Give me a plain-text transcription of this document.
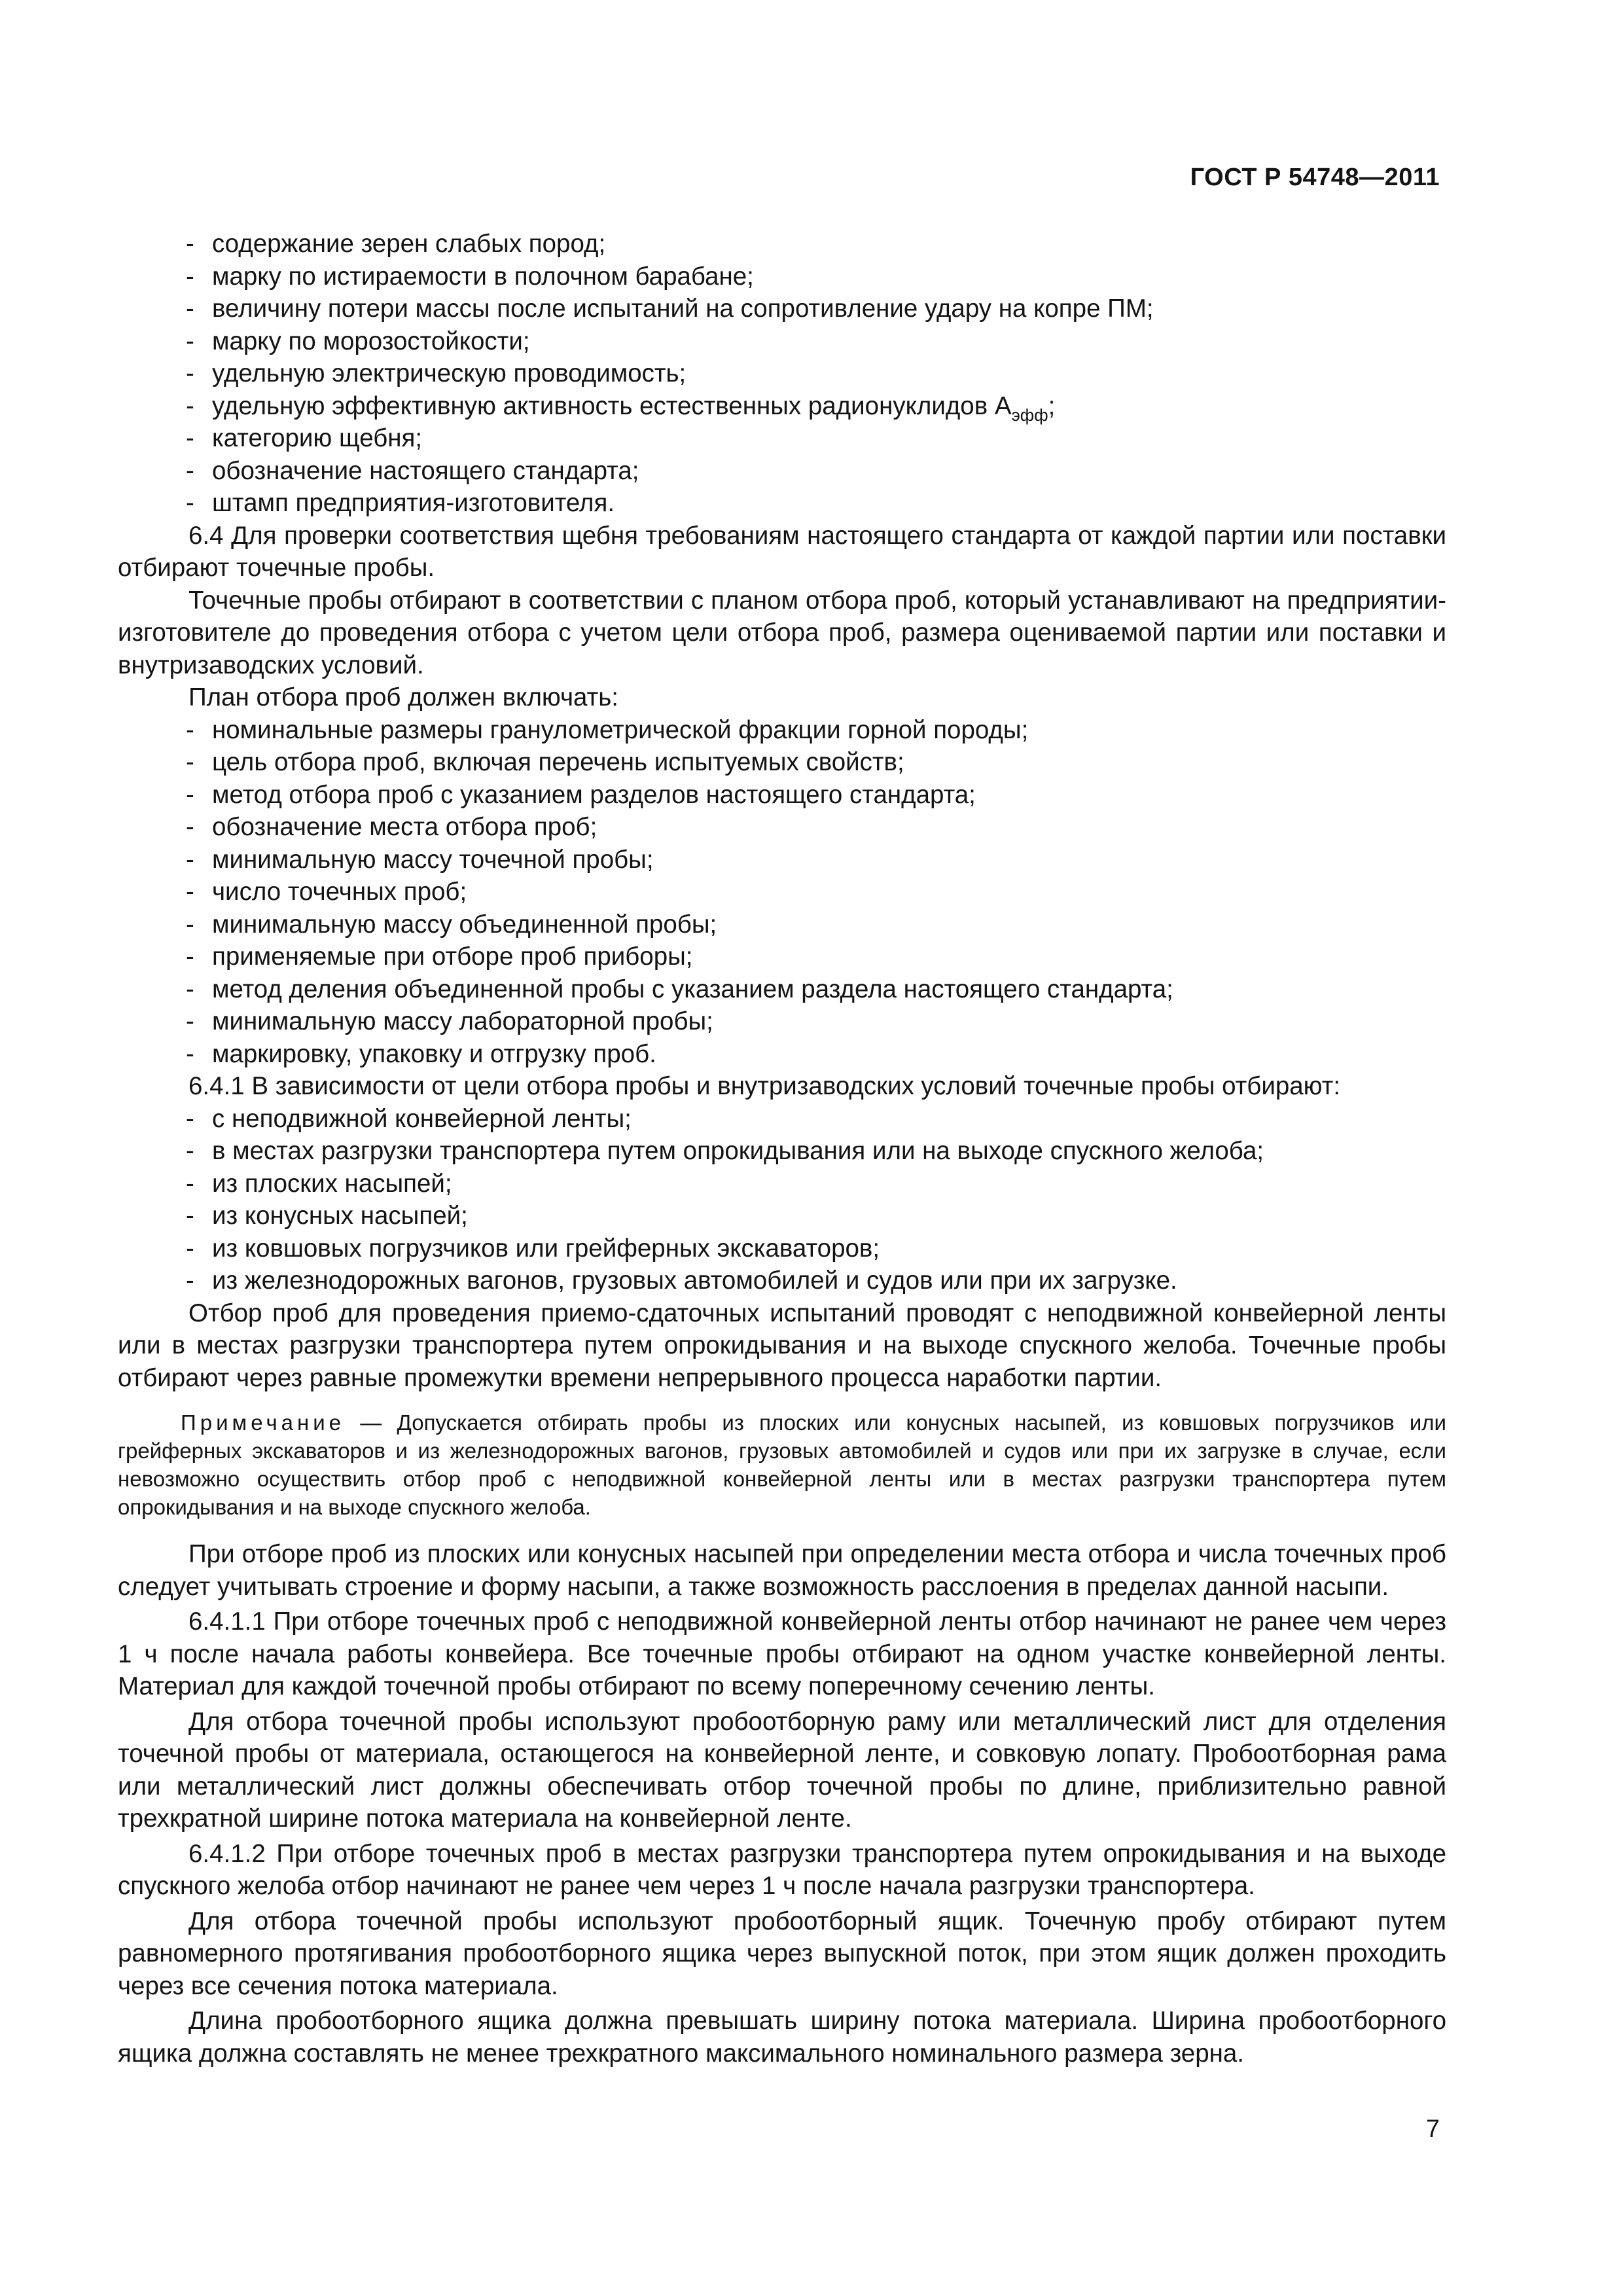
ГОСТ Р 54748—2011
- содержание зерен слабых пород;
- марку по истираемости в полочном барабане;
- величину потери массы после испытаний на сопротивление удару на копре ПМ;
- марку по морозостойкости;
- удельную электрическую проводимость;
- удельную эффективную активность естественных радионуклидов $А_{эфф}$;
- категорию щебня;
- обозначение настоящего стандарта;
- штамп предприятия-изготовителя.

6.4 Для проверки соответствия щебня требованиям настоящего стандарта от каждой партии или поставки отбирают точечные пробы.

Точечные пробы отбирают в соответствии с планом отбора проб, который устанавливают на предприятии-изготовителе до проведения отбора с учетом цели отбора проб, размера оцениваемой партии или поставки и внутризаводских условий.

План отбора проб должен включать:

- номинальные размеры гранулометрической фракции горной породы;
- цель отбора проб, включая перечень испытуемых свойств;
- метод отбора проб с указанием разделов настоящего стандарта;
- обозначение места отбора проб;
- минимальную массу точечной пробы;
- число точечных проб;
- минимальную массу объединенной пробы;
- применяемые при отборе проб приборы;
- метод деления объединенной пробы с указанием раздела настоящего стандарта;
- минимальную массу лабораторной пробы;
- маркировку, упаковку и отгрузку проб.

6.4.1 В зависимости от цели отбора пробы и внутризаводских условий точечные пробы отбирают:

- с неподвижной конвейерной ленты;
- в местах разгрузки транспортера путем опрокидывания или на выходе спускного желоба;
- из плоских насыпей;
- из конусных насыпей;
- из ковшовых погрузчиков или грейферных экскаваторов;
- из железнодорожных вагонов, грузовых автомобилей и судов или при их загрузке.

Отбор проб для проведения приемо-сдаточных испытаний проводят с неподвижной конвейерной ленты или в местах разгрузки транспортера путем опрокидывания и на выходе спускного желоба. Точечные пробы отбирают через равные промежутки времени непрерывного процесса наработки партии.

Примечание — Допускается отбирать пробы из плоских или конусных насыпей, из ковшовых погрузчиков или грейферных экскаваторов и из железнодорожных вагонов, грузовых автомобилей и судов или при их загрузке в случае, если невозможно осуществить отбор проб с неподвижной конвейерной ленты или в местах разгрузки транспортера путем опрокидывания и на выходе спускного желоба.

При отборе проб из плоских или конусных насыпей при определении места отбора и числа точечных проб следует учитывать строение и форму насыпи, а также возможность расслоения в пределах данной насыпи.

6.4.1.1 При отборе точечных проб с неподвижной конвейерной ленты отбор начинают не ранее чем через 1 ч после начала работы конвейера. Все точечные пробы отбирают на одном участке конвейерной ленты. Материал для каждой точечной пробы отбирают по всему поперечному сечению ленты.

Для отбора точечной пробы используют пробоотборную раму или металлический лист для отделения точечной пробы от материала, остающегося на конвейерной ленте, и совковую лопату. Пробоотборная рама или металлический лист должны обеспечивать отбор точечной пробы по длине, приблизительно равной трехкратной ширине потока материала на конвейерной ленте.

6.4.1.2 При отборе точечных проб в местах разгрузки транспортера путем опрокидывания и на выходе спускного желоба отбор начинают не ранее чем через 1 ч после начала разгрузки транспортера.

Для отбора точечной пробы используют пробоотборный ящик. Точечную пробу отбирают путем равномерного протягивания пробоотборного ящика через выпускной поток, при этом ящик должен проходить через все сечения потока материала.

Длина пробоотборного ящика должна превышать ширину потока материала. Ширина пробоотборного ящика должна составлять не менее трехкратного максимального номинального размера зерна.

7
